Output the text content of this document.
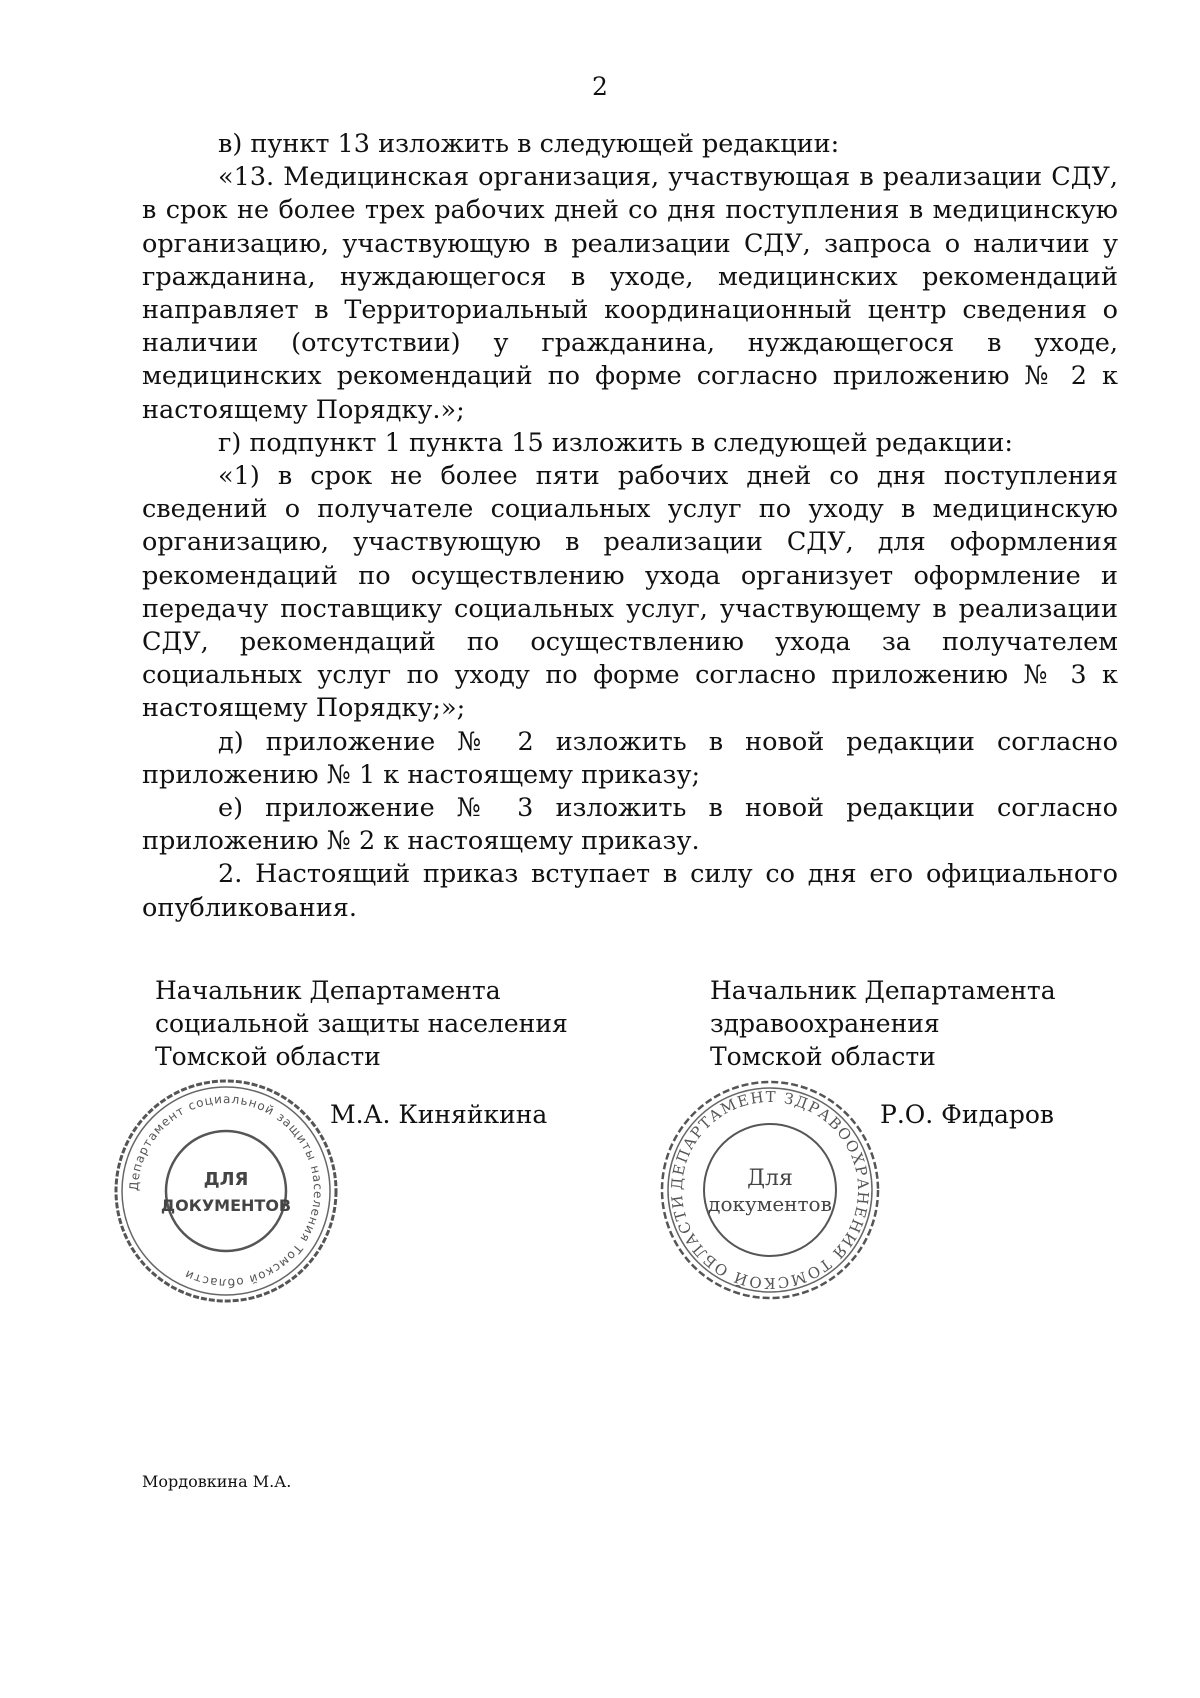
2

в) пункт 13 изложить в следующей редакции:

«13. Медицинская организация, участвующая в реализации СДУ, в срок не более трех рабочих дней со дня поступления в медицинскую организацию, участвующую в реализации СДУ, запроса о наличии у гражданина, нуждающегося в уходе, медицинских рекомендаций направляет в Территориальный координационный центр сведения о наличии (отсутствии) у гражданина, нуждающегося в уходе, медицинских рекомендаций по форме согласно приложению № 2 к настоящему Порядку.»;

г) подпункт 1 пункта 15 изложить в следующей редакции:

«1) в срок не более пяти рабочих дней со дня поступления сведений о получателе социальных услуг по уходу в медицинскую организацию, участвующую в реализации СДУ, для оформления рекомендаций по осуществлению ухода организует оформление и передачу поставщику социальных услуг, участвующему в реализации СДУ, рекомендаций по осуществлению ухода за получателем социальных услуг по уходу по форме согласно приложению № 3 к настоящему Порядку;»;

д) приложение № 2 изложить в новой редакции согласно приложению № 1 к настоящему приказу;

е) приложение № 3 изложить в новой редакции согласно приложению № 2 к настоящему приказу.

2. Настоящий приказ вступает в силу со дня его официального опубликования.

Начальник Департамента
социальной защиты населения
Томской области
Начальник Департамента
здравоохранения
Томской области
Департамент социальной защиты населения Томской области
ДЛЯ
ДОКУМЕНТОВ
ДЕПАРТАМЕНТ ЗДРАВООХРАНЕНИЯ ТОМСКОЙ ОБЛАСТИ
Для
документов
М.А. Киняйкина	Р.О. Фидаров
Мордовкина М.А.
